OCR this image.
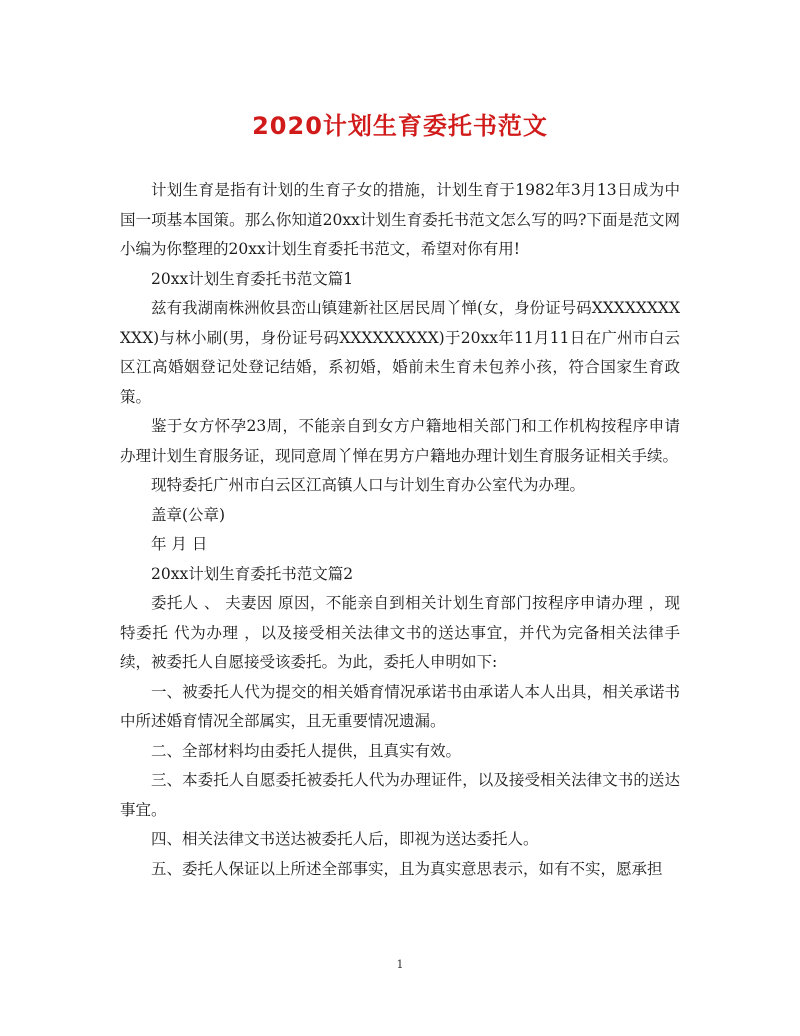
2020计划生育委托书范文

计划生育是指有计划的生育子女的措施，计划生育于1982年3月13日成为中国一项基本国策。那么你知道20xx计划生育委托书范文怎么写的吗?下面是范文网小编为你整理的20xx计划生育委托书范文，希望对你有用!

20xx计划生育委托书范文篇1

兹有我湖南株洲攸县峦山镇建新社区居民周丫惮(女，身份证号码XXXXXXXXXXX)与林小刷(男，身份证号码XXXXXXXXX)于20xx年11月11日在广州市白云区江高婚姻登记处登记结婚，系初婚，婚前未生育未包养小孩，符合国家生育政策。

鉴于女方怀孕23周，不能亲自到女方户籍地相关部门和工作机构按程序申请办理计划生育服务证，现同意周丫惮在男方户籍地办理计划生育服务证相关手续。

现特委托广州市白云区江高镇人口与计划生育办公室代为办理。

盖章(公章)

年 月 日

20xx计划生育委托书范文篇2

委托人 、 夫妻因 原因，不能亲自到相关计划生育部门按程序申请办理 ，现特委托 代为办理 ，以及接受相关法律文书的送达事宜，并代为完备相关法律手续，被委托人自愿接受该委托。为此，委托人申明如下:

一、被委托人代为提交的相关婚育情况承诺书由承诺人本人出具，相关承诺书中所述婚育情况全部属实，且无重要情况遗漏。

二、全部材料均由委托人提供，且真实有效。

三、本委托人自愿委托被委托人代为办理证件，以及接受相关法律文书的送达事宜。

四、相关法律文书送达被委托人后，即视为送达委托人。

五、委托人保证以上所述全部事实，且为真实意思表示，如有不实，愿承担

1
